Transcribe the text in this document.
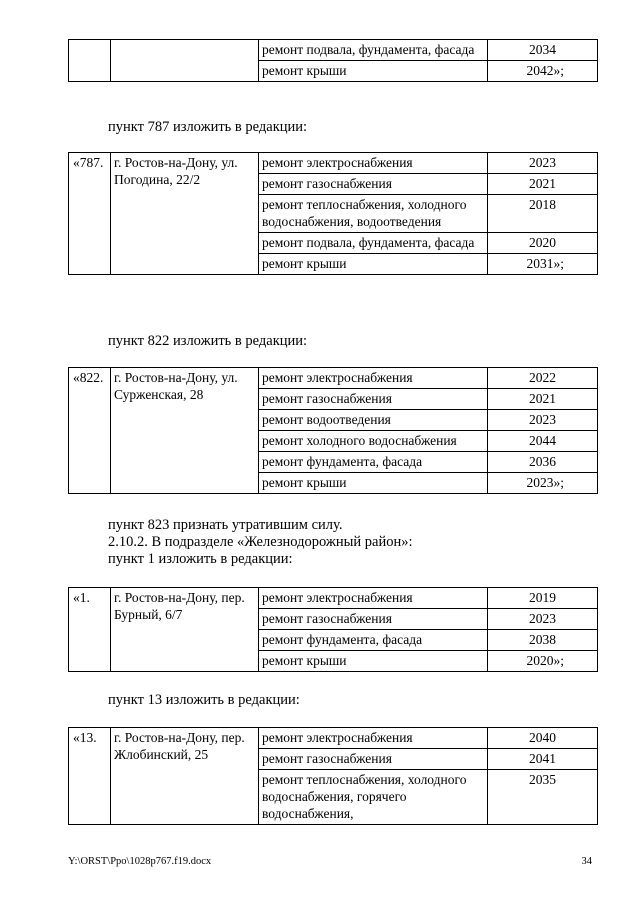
		ремонт подвала, фундамента, фасада	2034
		ремонт крыши	2042»;
пункт 787 изложить в редакции:
«787.	г. Ростов-на-Дону, ул. Погодина, 22/2	ремонт электроснабжения	2023
		ремонт газоснабжения	2021
		ремонт теплоснабжения, холодного водоснабжения, водоотведения	2018
		ремонт подвала, фундамента, фасада	2020
		ремонт крыши	2031»;
пункт 822 изложить в редакции:
«822.	г. Ростов-на-Дону, ул. Сурженская, 28	ремонт электроснабжения	2022
		ремонт газоснабжения	2021
		ремонт водоотведения	2023
		ремонт холодного водоснабжения	2044
		ремонт фундамента, фасада	2036
		ремонт крыши	2023»;
пункт 823 признать утратившим силу.
2.10.2. В подразделе «Железнодорожный район»:
пункт 1 изложить в редакции:
«1.	г. Ростов-на-Дону, пер. Бурный, 6/7	ремонт электроснабжения	2019
		ремонт газоснабжения	2023
		ремонт фундамента, фасада	2038
		ремонт крыши	2020»;
пункт 13 изложить в редакции:
«13.	г. Ростов-на-Дону, пер. Жлобинский, 25	ремонт электроснабжения	2040
		ремонт газоснабжения	2041
		ремонт теплоснабжения, холодного водоснабжения, горячего водоснабжения,	2035
Y:\ORST\Ppo\1028p767.f19.docx	34
